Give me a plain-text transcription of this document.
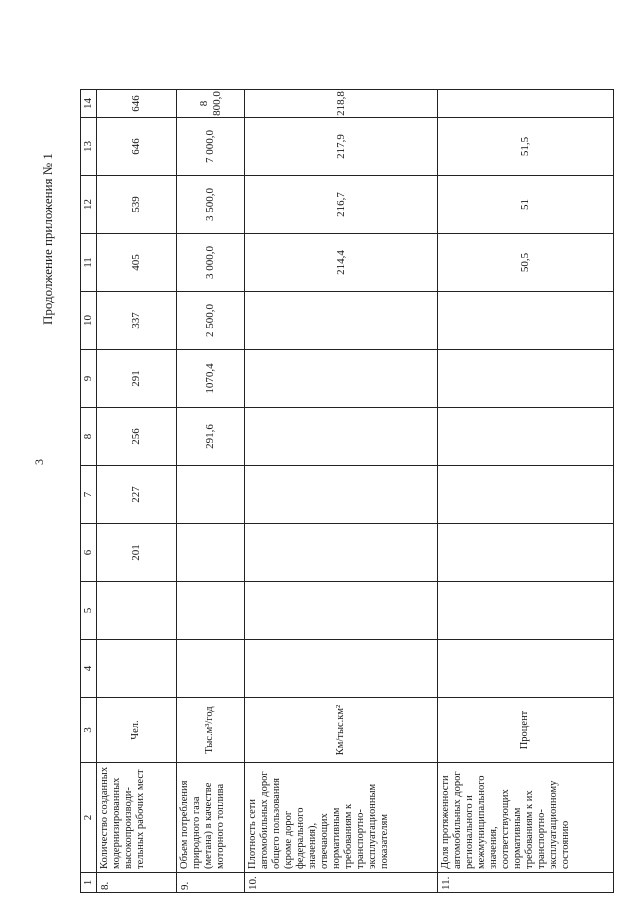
3
Продолжение приложения № 1
1	2	3	4	5	6	7	8	9	10	11	12	13	14
8.	Количество созданных модернизированных высокопроизводи-тельных рабочих мест	Чел.			201	227	256	291	337	405	539	646	646
9.	Объем потребления природного газа (метана) в качестве моторного топлива	Тыс.м³/год					291,6	1070,4	2 500,0	3 000,0	3 500,0	7 000,0	8 800,0
10.	Плотность сети автомобильных дорог общего пользования (кроме дорог федерального значения), отвечающих нормативным требованиям к транспортно-эксплуатационным показателям	Км/тыс.км²								214,4	216,7	217,9	218,8
11.	Доля протяженности автомобильных дорог регионального и межмуниципального значения, соответствующих нормативным требованиям к их транспортно-эксплуатационному состоянию	Процент								50,5	51	51,5	
